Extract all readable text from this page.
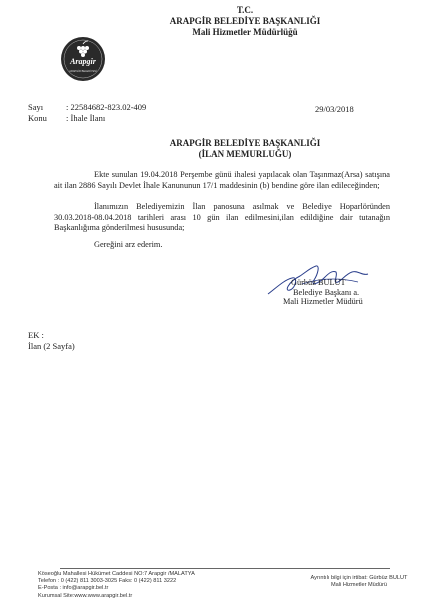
Arapgir
ARAPGİR BELEDİYESİ
T.C.
ARAPGİR BELEDİYE BAŞKANLIĞI
Mali Hizmetler Müdürlüğü
Sayı	: 22584682-823.02-409
Konu : İhale İlanı
29/03/2018
ARAPGİR BELEDİYE BAŞKANLIĞI
(İLAN MEMURLUĞU)
Ekte sunulan 19.04.2018 Perşembe günü ihalesi yapılacak olan Taşınmaz(Arsa) satışına ait ilan 2886 Sayılı Devlet İhale Kanununun 17/1 maddesinin (b) bendine göre ilan edileceğinden;
İlanımızın Belediyemizin İlan panosuna asılmak ve Belediye Hoparlöründen 30.03.2018-08.04.2018 tarihleri arası 10 gün ilan edilmesini,ilan edildiğine dair tutanağın Başkanlığıma gönderilmesi hususunda;
Gereğini arz ederim.
Gürbüz BULUT
Belediye Başkanı a.
Mali Hizmetler Müdürü
EK :
İlan (2 Sayfa)
Köseoğlu Mahallesi Hükümet Caddesi NO:7 Arapgir /MALATYA
Telefon : 0 (422) 811 3003-3025 Faks: 0 (422) 811 3222
E-Posta : info@arapgir.bel.tr
Kurumsal Site:www.www.arapgir.bel.tr
Ayrıntılı bilgi için irtibat: Gürbüz BULUT
Mali Hizmetler Müdürü
